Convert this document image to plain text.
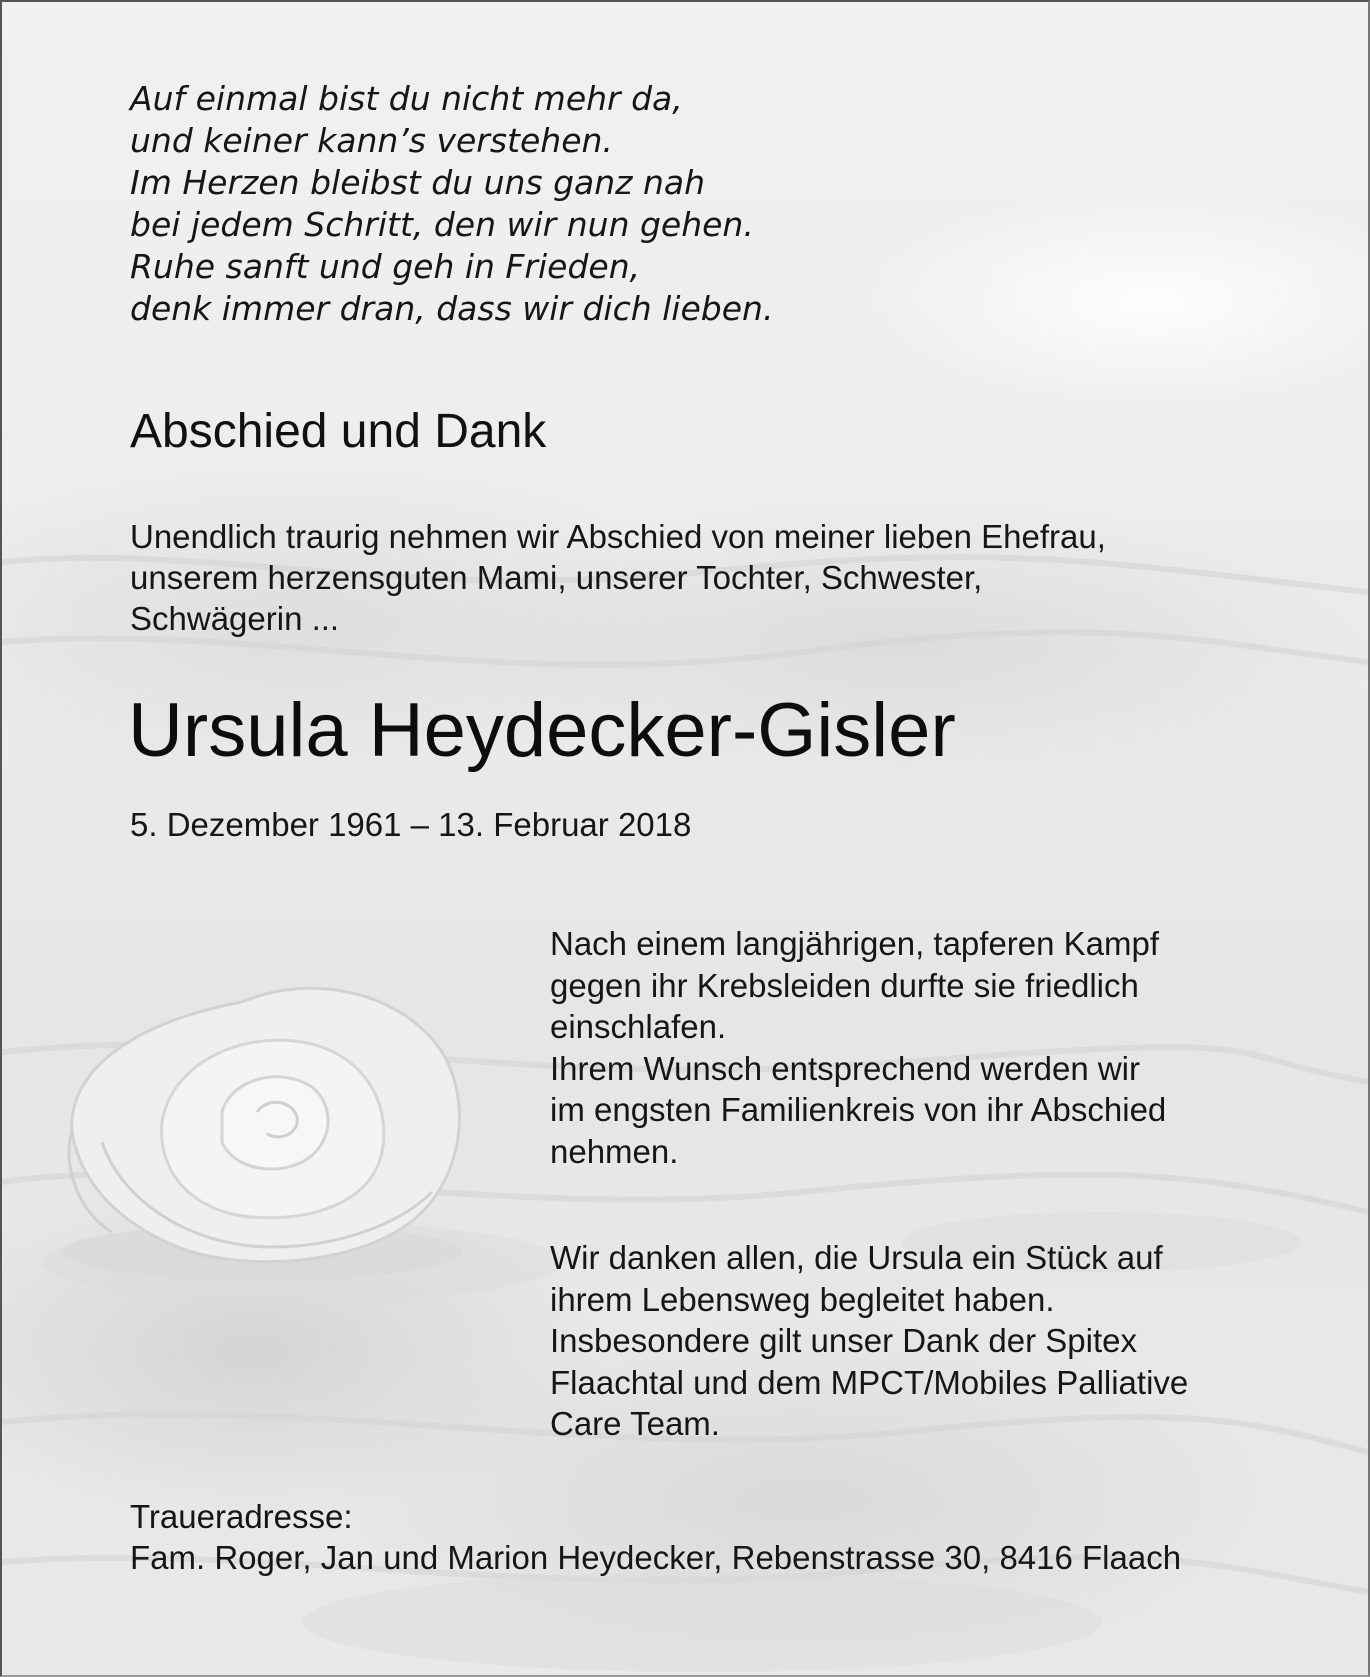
Auf einmal bist du nicht mehr da,
und keiner kann’s verstehen.
Im Herzen bleibst du uns ganz nah
bei jedem Schritt, den wir nun gehen.
Ruhe sanft und geh in Frieden,
denk immer dran, dass wir dich lieben.
Abschied und Dank
Unendlich traurig nehmen wir Abschied von meiner lieben Ehefrau,
unserem herzensguten Mami, unserer Tochter, Schwester,
Schwägerin ...
Ursula Heydecker-Gisler
5. Dezember 1961 – 13. Februar 2018
Nach einem langjährigen, tapferen Kampf
gegen ihr Krebsleiden durfte sie friedlich
einschlafen.
Ihrem Wunsch entsprechend werden wir
im engsten Familienkreis von ihr Abschied
nehmen.
Wir danken allen, die Ursula ein Stück auf
ihrem Lebensweg begleitet haben.
Insbesondere gilt unser Dank der Spitex
Flaachtal und dem MPCT/Mobiles Palliative
Care Team.
Traueradresse:
Fam. Roger, Jan und Marion Heydecker, Rebenstrasse 30, 8416 Flaach
